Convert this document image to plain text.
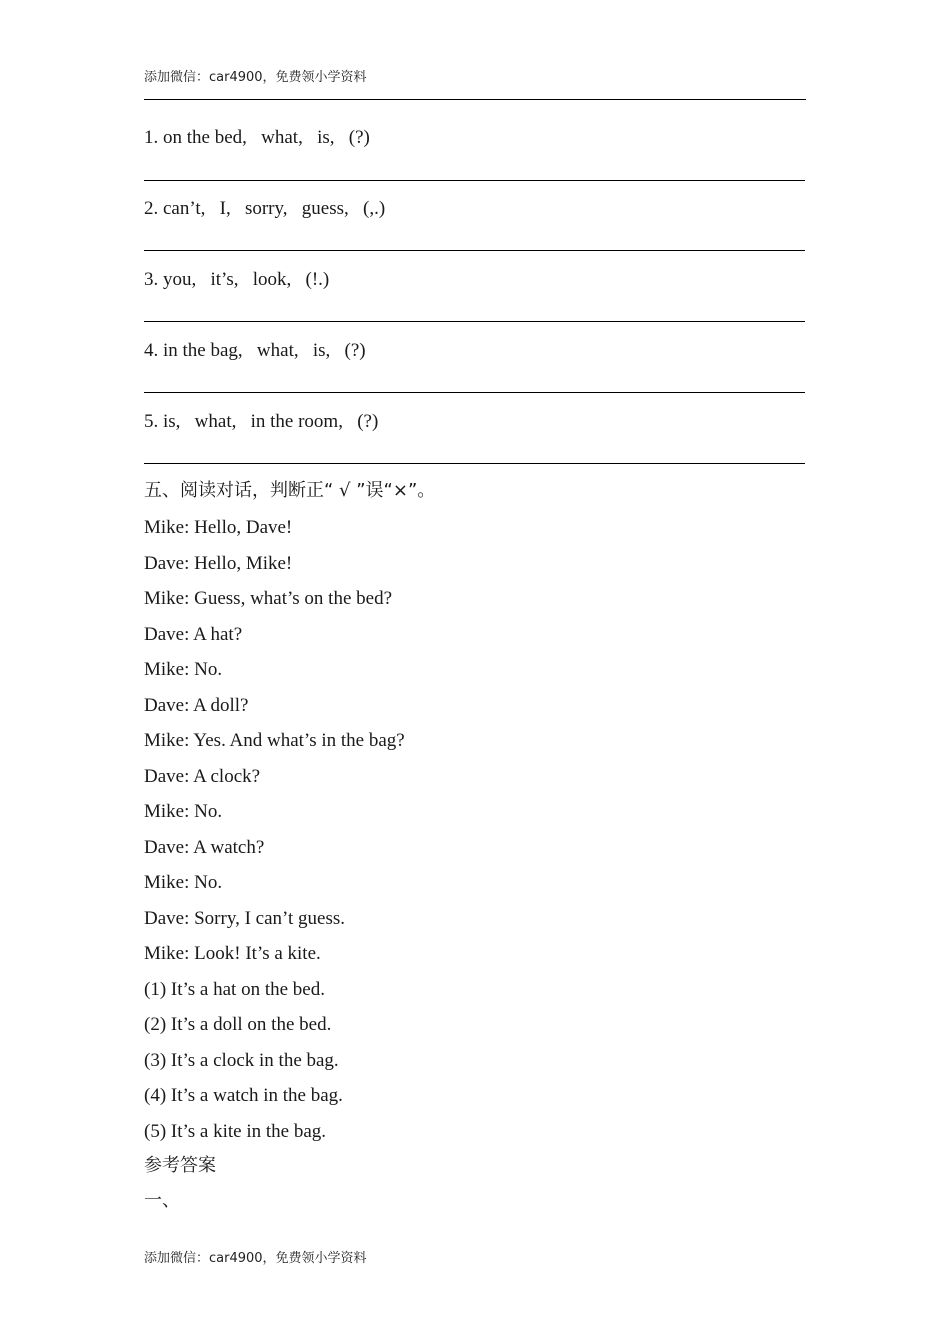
添加微信：car4900，免费领小学资料
1. on the bed,   what,   is,   (?)
2. can’t,   I,   sorry,   guess,   (,.)
3. you,   it’s,   look,   (!.)
4. in the bag,   what,   is,   (?)
5. is,   what,   in the room,   (?)
五、阅读对话，判断正“ √ ”误“×”。
Mike: Hello, Dave!
Dave: Hello, Mike!
Mike: Guess, what’s on the bed?
Dave: A hat?
Mike: No.
Dave: A doll?
Mike: Yes. And what’s in the bag?
Dave: A clock?
Mike: No.
Dave: A watch?
Mike: No.
Dave: Sorry, I can’t guess.
Mike: Look! It’s a kite.
(1) It’s a hat on the bed.
(2) It’s a doll on the bed.
(3) It’s a clock in the bag.
(4) It’s a watch in the bag.
(5) It’s a kite in the bag.
参考答案
一、
添加微信：car4900，免费领小学资料
